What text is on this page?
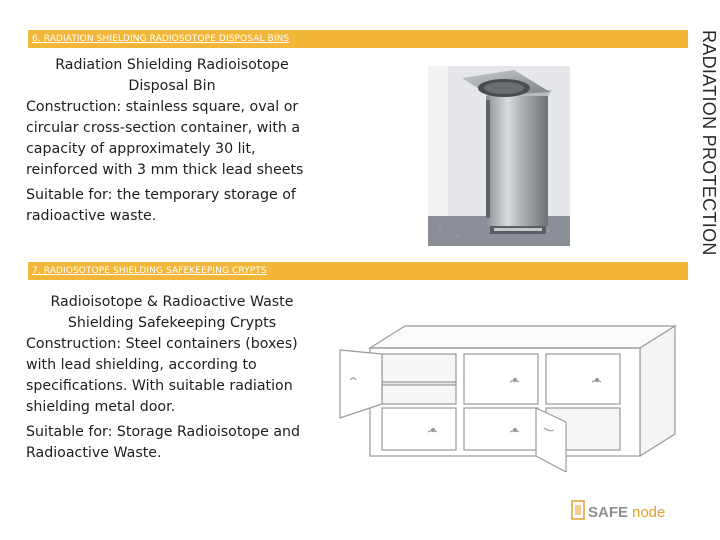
6. RADIATION SHIELDING RADIOSOTOPE DISPOSAL BINS	RADIATION PROTECTION
Radiation Shielding Radioisotope
Disposal Bin
Construction: stainless square, oval or circular cross-section container, with a capacity of approximately 30 lit, reinforced with 3 mm thick lead sheets
Suitable for: the temporary storage of radioactive waste.
7. RADIOSOTOPE SHIELDING SAFEKEEPING CRYPTS
Radioisotope & Radioactive Waste
Shielding Safekeeping Crypts
Construction: Steel containers (boxes) with lead shielding, according to specifications. With suitable radiation shielding metal door.
Suitable for: Storage Radioisotope and Radioactive Waste.
SAFE node
